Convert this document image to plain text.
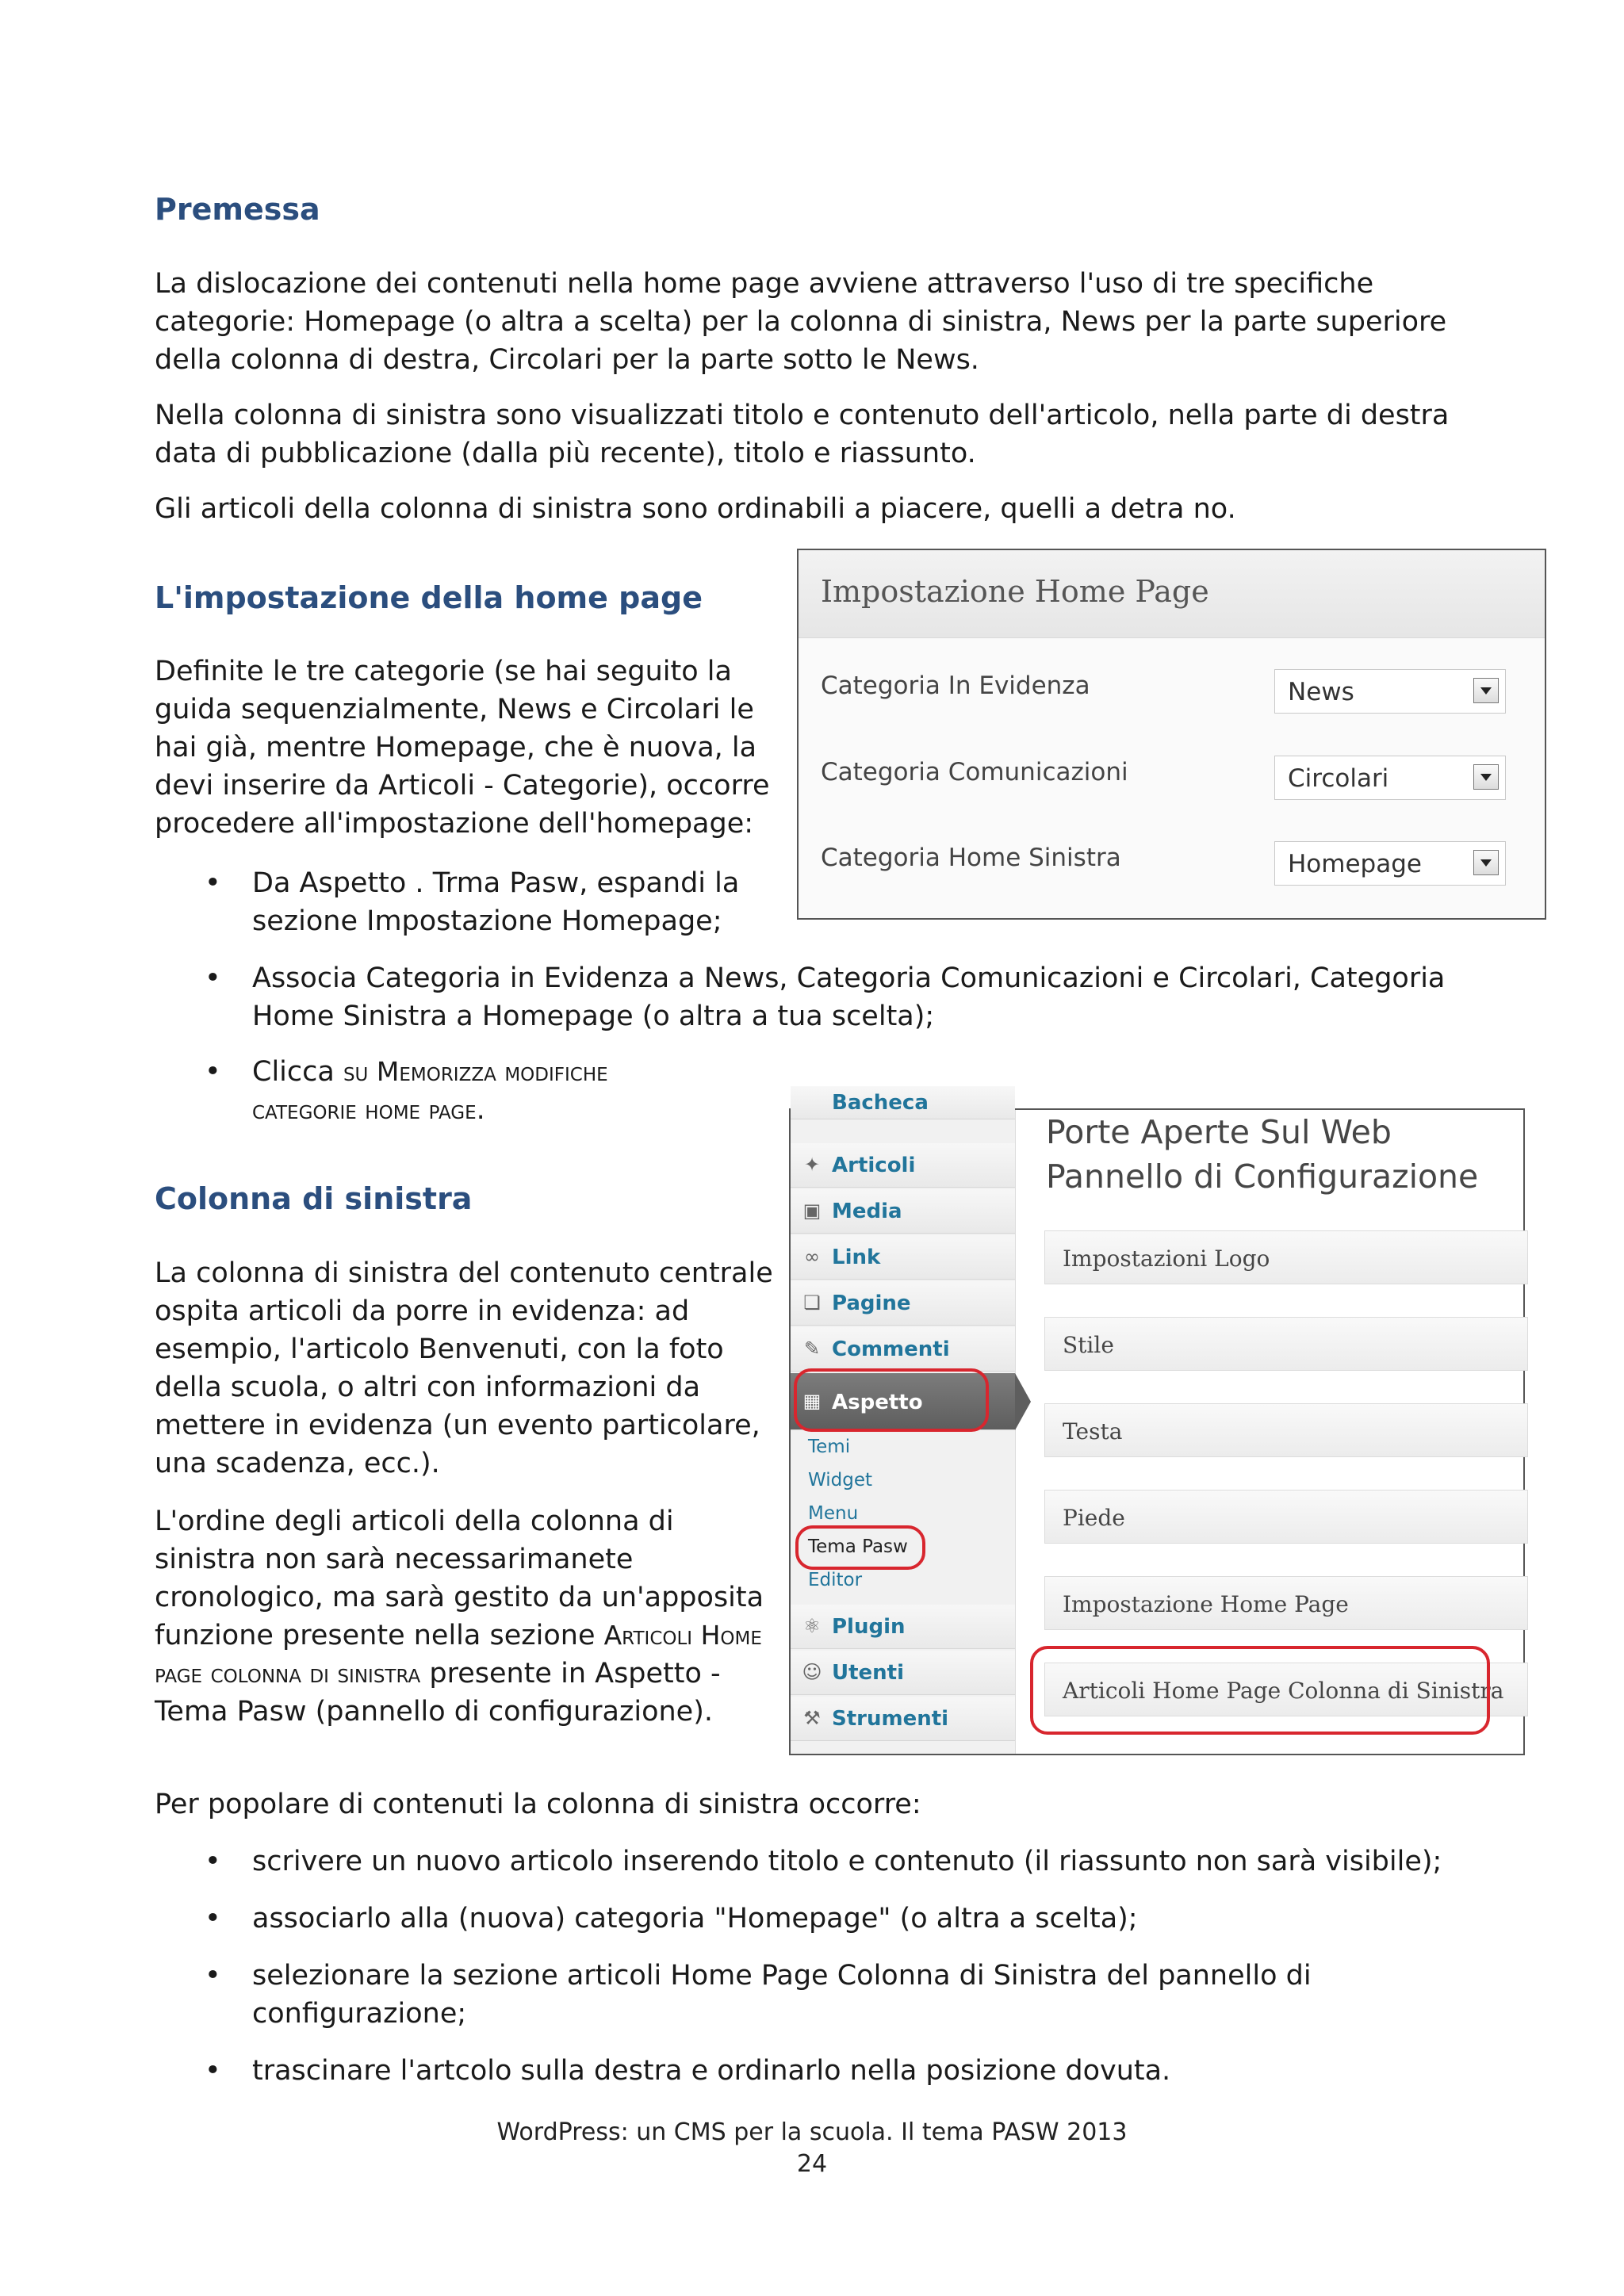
Premessa

La dislocazione dei contenuti nella home page avviene attraverso l'uso di tre specifiche categorie: Homepage (o altra a scelta) per la colonna di sinistra, News per la parte superiore della colonna di destra, Circolari per la parte sotto le News.

Nella colonna di sinistra sono visualizzati titolo e contenuto dell'articolo, nella parte di destra data di pubblicazione (dalla più recente), titolo e riassunto.

Gli articoli della colonna di sinistra sono ordinabili a piacere, quelli a detra no.

L'impostazione della home page

Definite le tre categorie (se hai seguito la guida sequenzialmente, News e Circolari le hai già, mentre Homepage, che è nuova, la devi inserire da Articoli - Categorie), occorre procedere all'impostazione dell'homepage:

• Da Aspetto . Trma Pasw, espandi la sezione Impostazione Homepage;

• Associa Categoria in Evidenza a News, Categoria Comunicazioni e Circolari, Categoria Home Sinistra a Homepage (o altra a tua scelta);

• Clicca su Memorizza modifiche
categorie home page.

Impostazione Home Page
Categoria In Evidenza	News
Categoria Comunicazioni	Circolari
Categoria Home Sinistra	Homepage
Colonna di sinistra

La colonna di sinistra del contenuto centrale ospita articoli da porre in evidenza: ad esempio, l'articolo Benvenuti, con la foto della scuola, o altri con informazioni da mettere in evidenza (un evento particolare, una scadenza, ecc.).

L'ordine degli articoli della colonna di sinistra non sarà necessarimanete cronologico, ma sarà gestito da un'apposita funzione presente nella sezione Articoli Home page colonna di sinistra presente in Aspetto - Tema Pasw (pannello di configurazione).

Bacheca
✦ Articoli
▣ Media
∞ Link
❏ Pagine
✎ Commenti
▦ Aspetto
Temi
Widget
Menu
Tema Pasw
Editor
⚛ Plugin
☺ Utenti
⚒ Strumenti
Porte Aperte Sul Web
Pannello di Configurazione
Impostazioni Logo
Stile
Testa
Piede
Impostazione Home Page
Articoli Home Page Colonna di Sinistra

Per popolare di contenuti la colonna di sinistra occorre:

• scrivere un nuovo articolo inserendo titolo e contenuto (il riassunto non sarà visibile);

• associarlo alla (nuova) categoria "Homepage" (o altra a scelta);

• selezionare la sezione articoli Home Page Colonna di Sinistra del pannello di configurazione;

• trascinare l'artcolo sulla destra e ordinarlo nella posizione dovuta.

WordPress: un CMS per la scuola. Il tema PASW 2013
24
